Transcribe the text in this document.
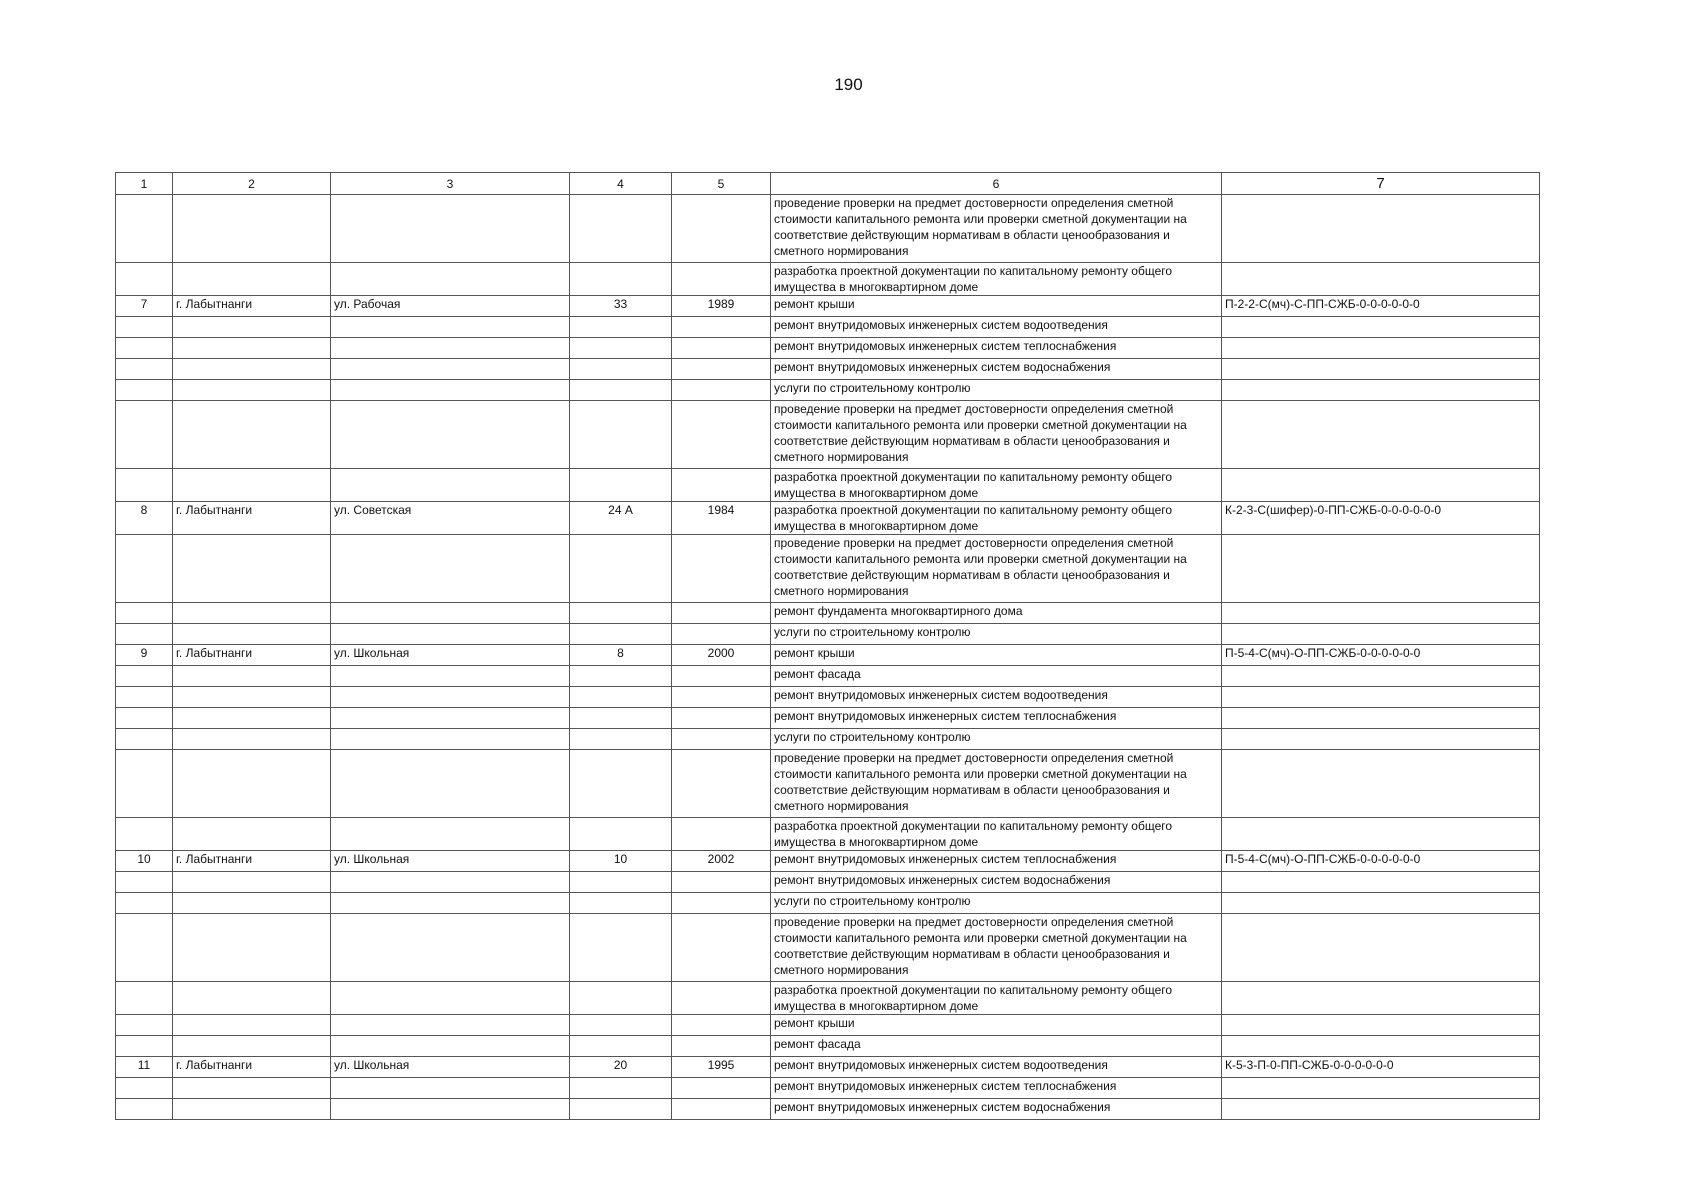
190
1	2	3	4	5	6	7
					проведение проверки на предмет достоверности определения сметной стоимости капитального ремонта или проверки сметной документации на соответствие действующим нормативам в области ценообразования и сметного нормирования	
					разработка проектной документации по капитальному ремонту общего имущества в многоквартирном доме	
7	г. Лабытнанги	ул. Рабочая	33	1989	ремонт крыши	П-2-2-С(мч)-С-ПП-СЖБ-0-0-0-0-0-0
					ремонт внутридомовых инженерных систем водоотведения	
					ремонт внутридомовых инженерных систем теплоснабжения	
					ремонт внутридомовых инженерных систем водоснабжения	
					услуги по строительному контролю	
					проведение проверки на предмет достоверности определения сметной стоимости капитального ремонта или проверки сметной документации на соответствие действующим нормативам в области ценообразования и сметного нормирования	
					разработка проектной документации по капитальному ремонту общего имущества в многоквартирном доме	
8	г. Лабытнанги	ул. Советская	24 А	1984	разработка проектной документации по капитальному ремонту общего имущества в многоквартирном доме	К-2-3-С(шифер)-0-ПП-СЖБ-0-0-0-0-0-0
					проведение проверки на предмет достоверности определения сметной стоимости капитального ремонта или проверки сметной документации на соответствие действующим нормативам в области ценообразования и сметного нормирования	
					ремонт фундамента многоквартирного дома	
					услуги по строительному контролю	
9	г. Лабытнанги	ул. Школьная	8	2000	ремонт крыши	П-5-4-С(мч)-О-ПП-СЖБ-0-0-0-0-0-0
					ремонт фасада	
					ремонт внутридомовых инженерных систем водоотведения	
					ремонт внутридомовых инженерных систем теплоснабжения	
					услуги по строительному контролю	
					проведение проверки на предмет достоверности определения сметной стоимости капитального ремонта или проверки сметной документации на соответствие действующим нормативам в области ценообразования и сметного нормирования	
					разработка проектной документации по капитальному ремонту общего имущества в многоквартирном доме	
10	г. Лабытнанги	ул. Школьная	10	2002	ремонт внутридомовых инженерных систем теплоснабжения	П-5-4-С(мч)-О-ПП-СЖБ-0-0-0-0-0-0
					ремонт внутридомовых инженерных систем водоснабжения	
					услуги по строительному контролю	
					проведение проверки на предмет достоверности определения сметной стоимости капитального ремонта или проверки сметной документации на соответствие действующим нормативам в области ценообразования и сметного нормирования	
					разработка проектной документации по капитальному ремонту общего имущества в многоквартирном доме	
					ремонт крыши	
					ремонт фасада	
11	г. Лабытнанги	ул. Школьная	20	1995	ремонт внутридомовых инженерных систем водоотведения	К-5-3-П-0-ПП-СЖБ-0-0-0-0-0-0
					ремонт внутридомовых инженерных систем теплоснабжения	
					ремонт внутридомовых инженерных систем водоснабжения	
